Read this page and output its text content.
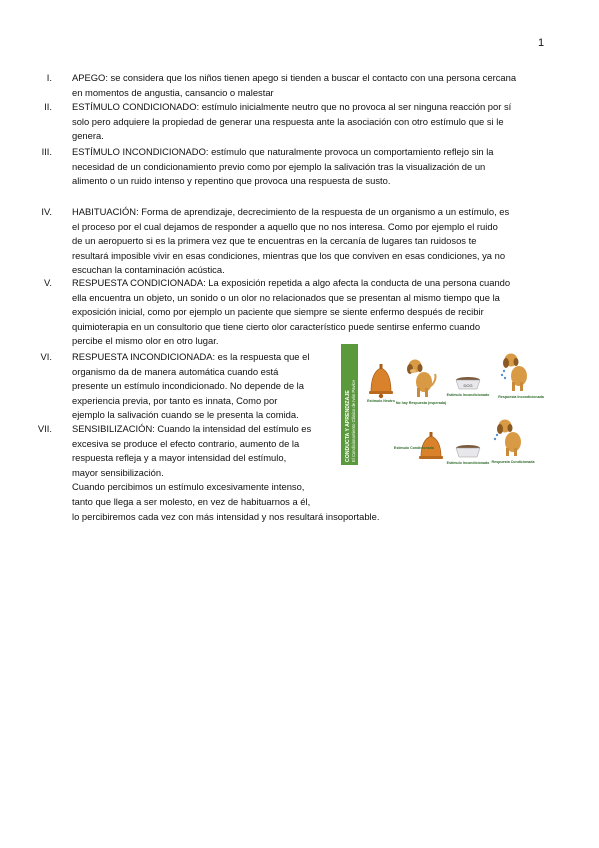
1
I. APEGO: se considera que los niños tienen apego si tienden a buscar el contacto con una persona cercana

en momentos de angustia, cansancio o malestar

II. ESTÍMULO CONDICIONADO: estímulo inicialmente neutro que no provoca al ser ninguna reacción por sí

solo pero adquiere la propiedad de generar una respuesta ante la asociación con otro estímulo que si le

genera.

III. ESTÍMULO INCONDICIONADO: estímulo que naturalmente provoca un comportamiento reflejo sin la

necesidad de un condicionamiento previo como por ejemplo la salivación tras la visualización de un

alimento o un ruido intenso y repentino que provoca una respuesta de susto.

IV. HABITUACIÓN: Forma de aprendizaje, decrecimiento de la respuesta de un organismo a un estímulo, es

el proceso por el cual dejamos de responder a aquello que no nos interesa. Como por ejemplo el ruido

de un aeropuerto si es la primera vez que te encuentras en la cercanía de lugares tan ruidosos te

resultará imposible vivir en esas condiciones, mientras que los que conviven en esas condiciones, ya no

escuchan la contaminación acústica.

V. RESPUESTA CONDICIONADA: La exposición repetida a algo afecta la conducta de una persona cuando

ella encuentra un objeto, un sonido o un olor no relacionados que se presentan al mismo tiempo que la

exposición inicial, como por ejemplo un paciente que siempre se siente enfermo después de recibir

quimioterapia en un consultorio que tiene cierto olor característico puede sentirse enfermo cuando

percibe el mismo olor en otro lugar.

VI. RESPUESTA INCONDICIONADA: es la respuesta que el

organismo da de manera automática cuando está

presente un estímulo incondicionado. No depende de la

experiencia previa, por tanto es innata, Como por

ejemplo la salivación cuando se le presenta la comida.

VII. SENSIBILIZACIÓN: Cuando la intensidad del estímulo es

excesiva se produce el efecto contrario, aumento de la

respuesta refleja y a mayor intensidad del estímulo,

mayor sensibilización.

Cuando percibimos un estímulo excesivamente intenso,

tanto que llega a ser molesto, en vez de habituarnos a él,

lo percibiremos cada vez con más intensidad y nos resultará insoportable.

CONDUCTA Y APRENDIZAJE El Condicionamiento Clásico de Iván Pavlov	Estímulo Neutro No hay Respuesta (esperada)
DOG
Estímulo Incondicionado Respuesta Incondicionada
Estímulo Condicionado
Estímulo Incondicionado Respuesta Condicionada
